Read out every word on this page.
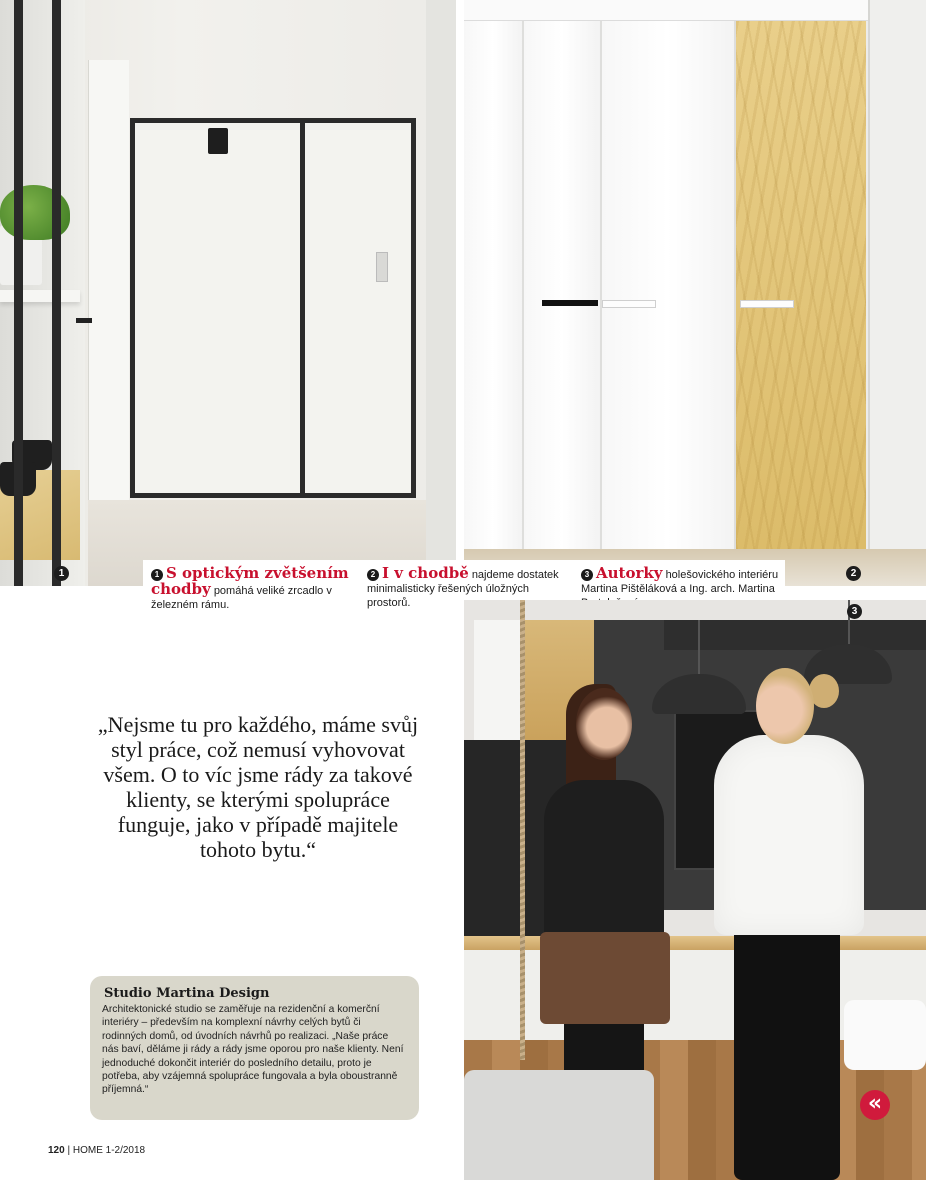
1	2
1 S optickým zvětšením chodby pomáhá veliké zrcadlo v železném rámu.
2 I v chodbě najdeme dostatek minimalisticky řešených úložných prostorů.
3 Autorky holešovického interiéru Martina Pištěláková a Ing. arch. Martina
3
«
„Nejsme tu pro každého, máme svůj styl práce, což nemusí vyhovovat všem. O to víc jsme rády za takové klienty, se kterými spolupráce funguje, jako v případě majitele tohoto bytu.“

Studio Martina Design

Architektonické studio se zaměřuje na rezidenční a komerční interiéry – především na komplexní návrhy celých bytů či rodinných domů, od úvodních návrhů po realizaci. „Naše práce nás baví, děláme ji rády a rády jsme oporou pro naše klienty. Není jednoduché dokončit interiér do posledního detailu, proto je potřeba, aby vzájemná spolupráce fungovala a byla oboustranně příjemná.“

120 | HOME 1-2/2018
